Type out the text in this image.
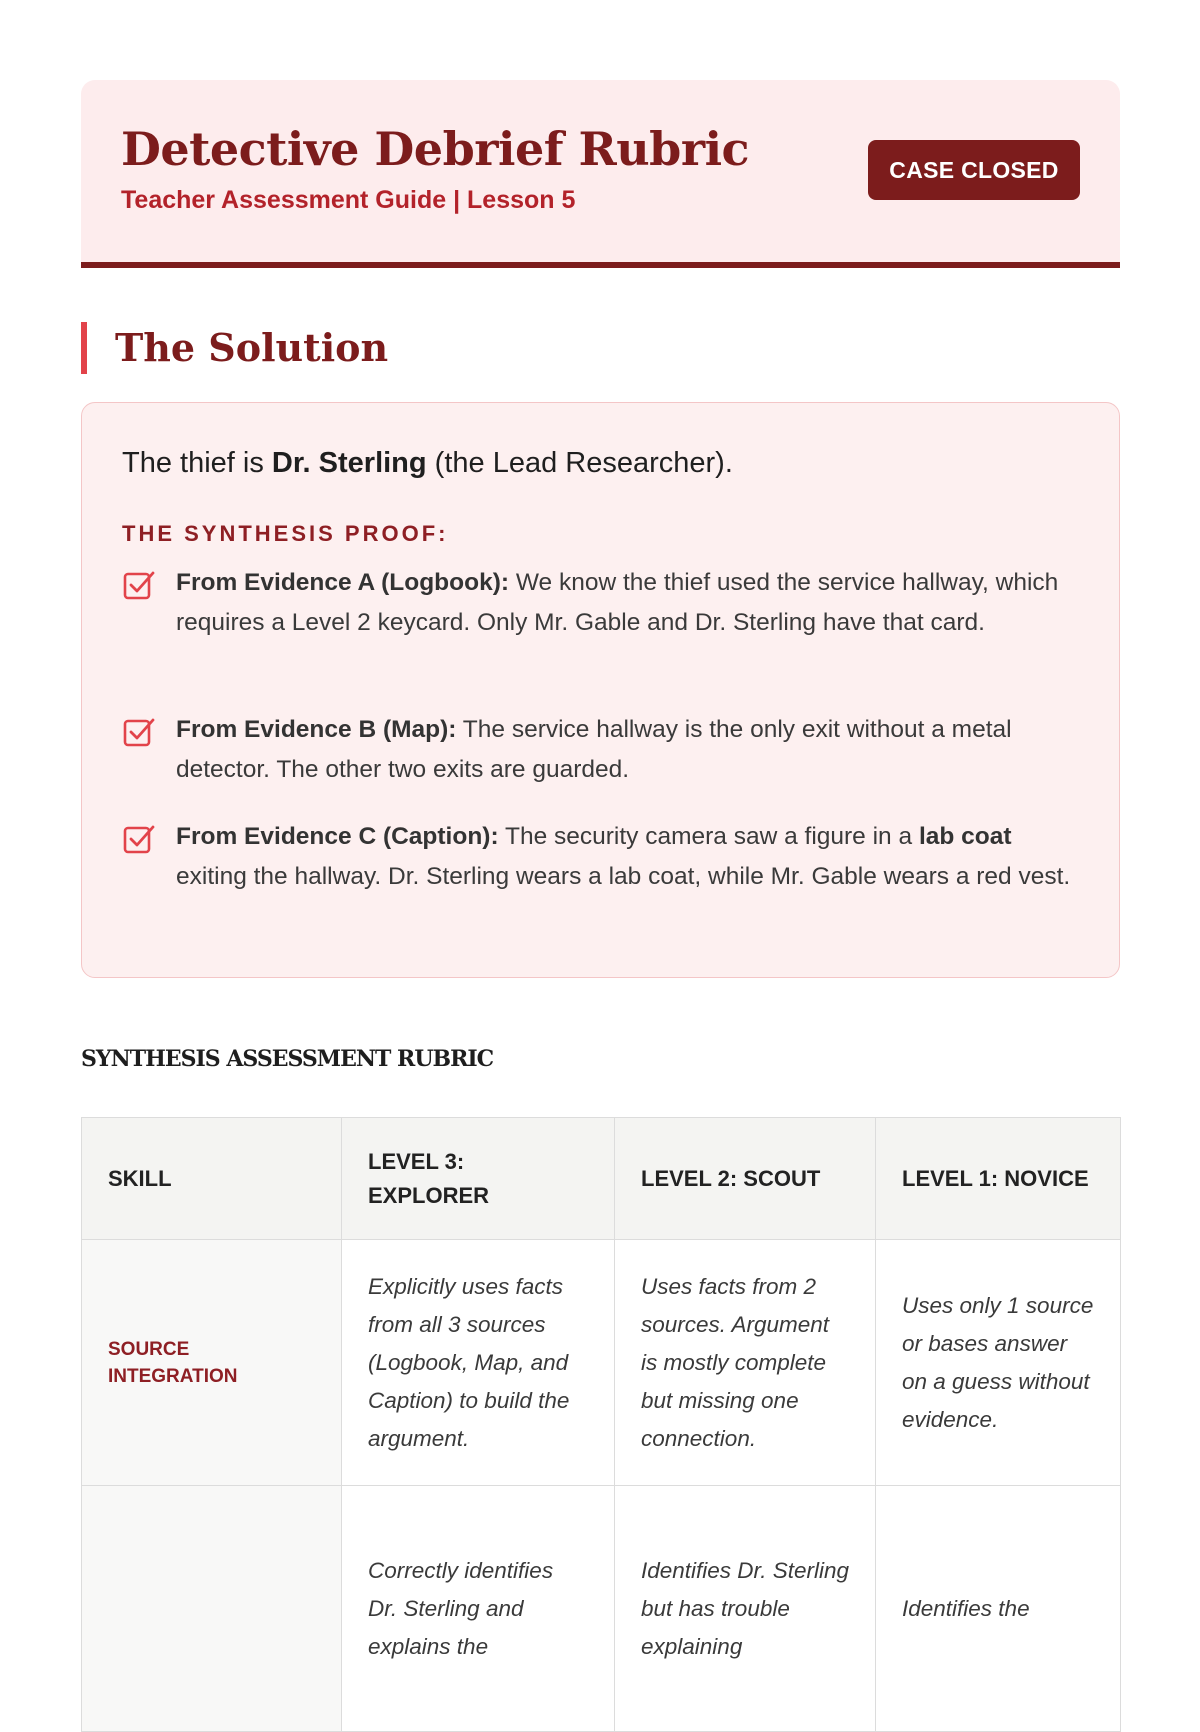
Detective Debrief Rubric
Teacher Assessment Guide | Lesson 5
CASE CLOSED
The Solution
The thief is Dr. Sterling (the Lead Researcher).
THE SYNTHESIS PROOF:
From Evidence A (Logbook): We know the thief used the service hallway, which requires a Level 2 keycard. Only Mr. Gable and Dr. Sterling have that card.
From Evidence B (Map): The service hallway is the only exit without a metal detector. The other two exits are guarded.
From Evidence C (Caption): The security camera saw a figure in a lab coat exiting the hallway. Dr. Sterling wears a lab coat, while Mr. Gable wears a red vest.
SYNTHESIS ASSESSMENT RUBRIC
SKILL	LEVEL 3: EXPLORER	LEVEL 2: SCOUT	LEVEL 1: NOVICE
SOURCE INTEGRATION	Explicitly uses facts from all 3 sources (Logbook, Map, and Caption) to build the argument.	Uses facts from 2 sources. Argument is mostly complete but missing one connection.	Uses only 1 source or bases answer on a guess without evidence.
	Correctly identifies Dr. Sterling and explains the	Identifies Dr. Sterling but has trouble explaining	Identifies the
